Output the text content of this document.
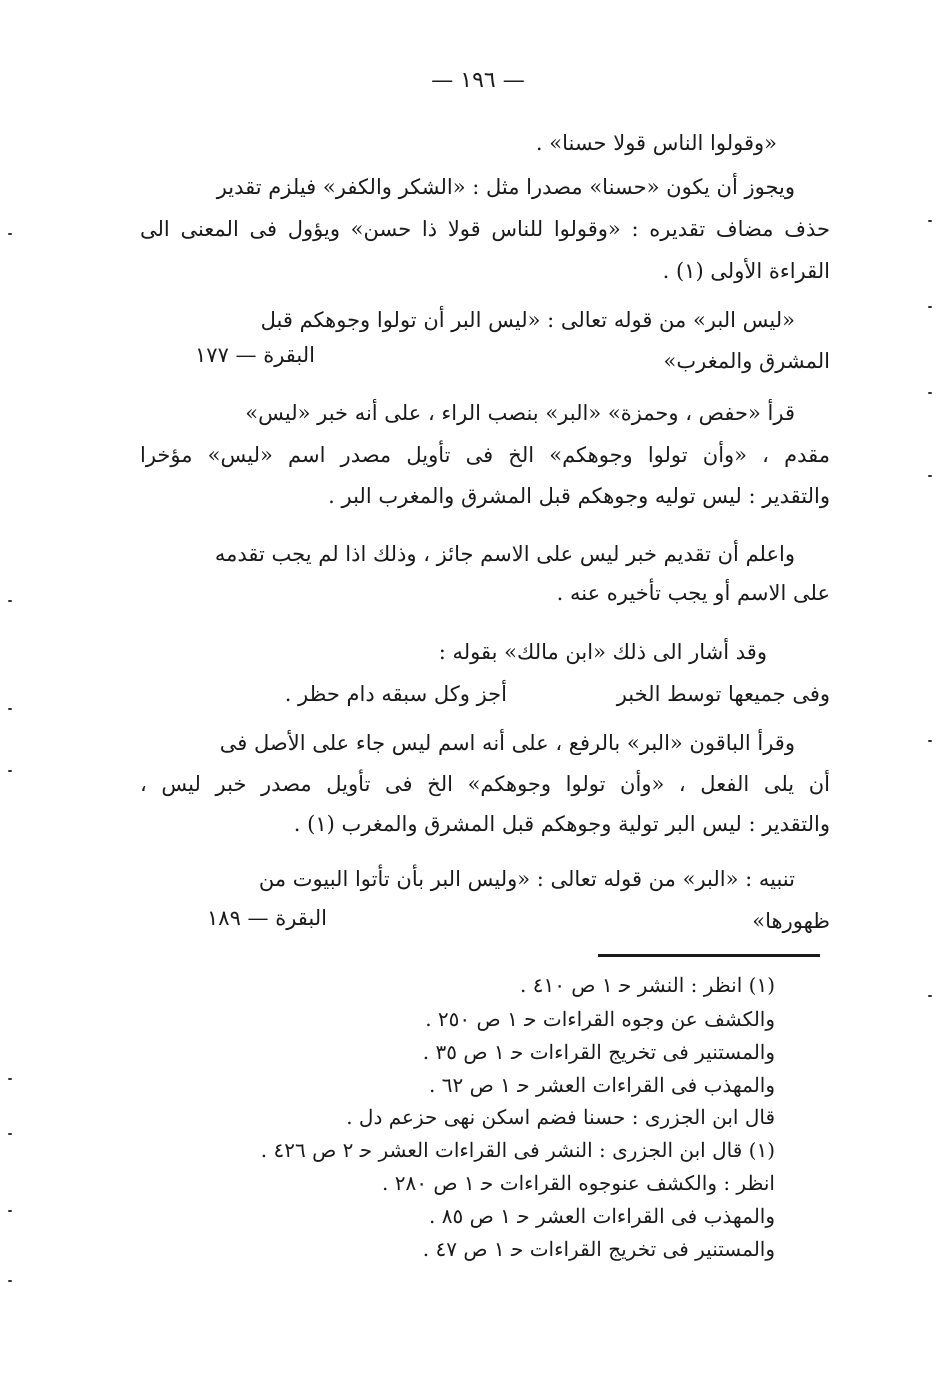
— ١٩٦ —
«وقولوا الناس قولا حسنا» .
ويجوز أن يكون «حسنا» مصدرا مثل : «الشكر والكفر» فيلزم تقدير
حذف مضاف تقديره : «وقولوا للناس قولا ذا حسن» ويؤول فى المعنى الى
القراءة الأولى (١) .
«ليس البر» من قوله تعالى : «ليس البر أن تولوا وجوهكم قبل
المشرق والمغرب»
البقرة — ١٧٧
قرأ «حفص ، وحمزة» «البر» بنصب الراء ، على أنه خبر «ليس»
مقدم ، «وأن تولوا وجوهكم» الخ فى تأويل مصدر اسم «ليس» مؤخرا
والتقدير : ليس توليه وجوهكم قبل المشرق والمغرب البر .
واعلم أن تقديم خبر ليس على الاسم جائز ، وذلك اذا لم يجب تقدمه
على الاسم أو يجب تأخيره عنه .
وقد أشار الى ذلك «ابن مالك» بقوله :
وفى جميعها توسط الخبر
أجز وكل سبقه دام حظر .
وقرأ الباقون «البر» بالرفع ، على أنه اسم ليس جاء على الأصل فى
أن يلى الفعل ، «وأن تولوا وجوهكم» الخ فى تأويل مصدر خبر ليس ،
والتقدير : ليس البر تولية وجوهكم قبل المشرق والمغرب (١) .
تنبيه : «البر» من قوله تعالى : «وليس البر بأن تأتوا البيوت من
ظهورها»
البقرة — ١٨٩
(١) انظر : النشر ﺣ ١ ص ٤١٠ .
والكشف عن وجوه القراءات ﺣ ١ ص ٢٥٠ .
والمستنير فى تخريج القراءات ﺣ ١ ص ٣٥ .
والمهذب فى القراءات العشر ﺣ ١ ص ٦٢ .
قال ابن الجزرى : حسنا فضم اسكن نهى حزعم دل .
(١) قال ابن الجزرى : النشر فى القراءات العشر ﺣ ٢ ص ٤٢٦ .
انظر : والكشف عنوجوه القراءات ﺣ ١ ص ٢٨٠ .
والمهذب فى القراءات العشر ﺣ ١ ص ٨٥ .
والمستنير فى تخريج القراءات ﺣ ١ ص ٤٧ .
